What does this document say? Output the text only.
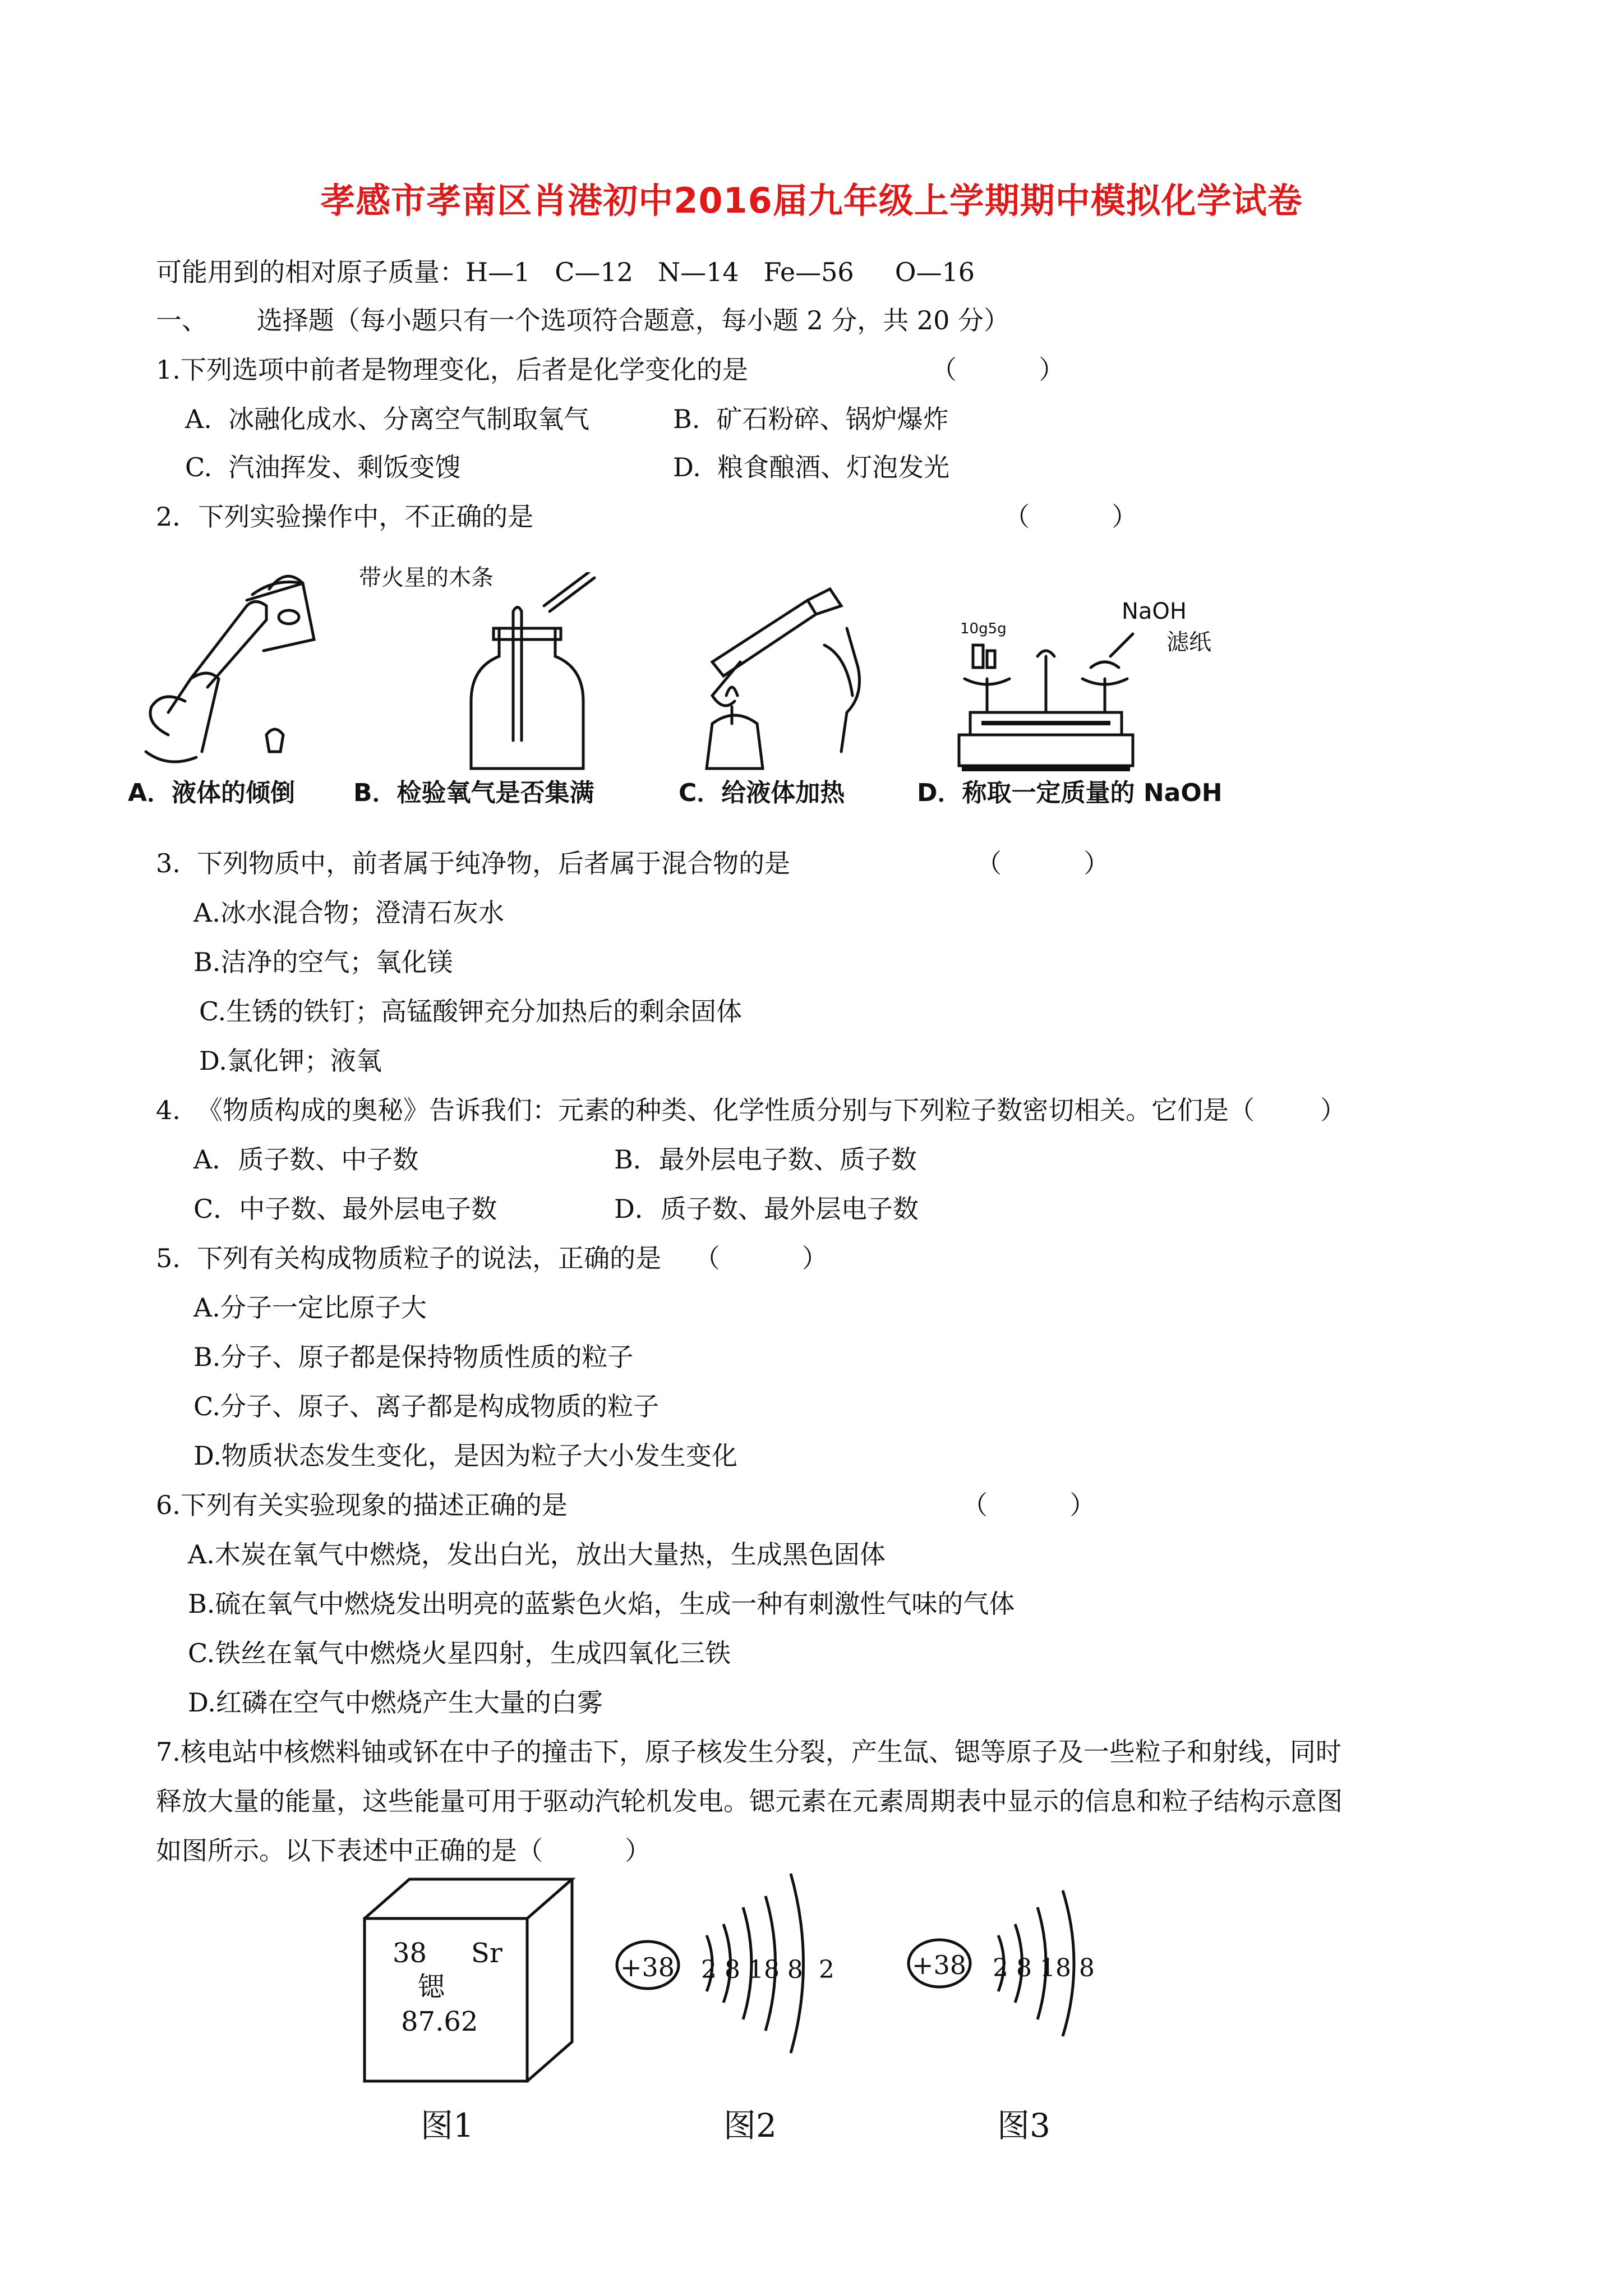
孝感市孝南区肖港初中2016届九年级上学期期中模拟化学试卷
可能用到的相对原子质量：H—1   C—12   N—14   Fe—56     O—16
一、      选择题（每小题只有一个选项符合题意，每小题 2 分，共 20 分）
1.下列选项中前者是物理变化，后者是化学变化的是	（          ）
A.  冰融化成水、分离空气制取氧气	B.  矿石粉碎、锅炉爆炸
C.  汽油挥发、剩饭变馊	D.  粮食酿酒、灯泡发光
2．下列实验操作中，不正确的是	（          ）
A．液体的倾倒
带火星的木条
B．检验氧气是否集满	C．给液体加热
10g5g
NaOH
滤纸
D．称取一定质量的 NaOH
3.  下列物质中，前者属于纯净物，后者属于混合物的是	（          ）
A.冰水混合物；澄清石灰水
B.洁净的空气；氧化镁
C.生锈的铁钉；高锰酸钾充分加热后的剩余固体
D.氯化钾；液氧
4.  《物质构成的奥秘》告诉我们：元素的种类、化学性质分别与下列粒子数密切相关。它们是（        ）
A．质子数、中子数	B．最外层电子数、质子数
C．中子数、最外层电子数	D．质子数、最外层电子数
5.  下列有关构成物质粒子的说法，正确的是    （          ）
A.分子一定比原子大
B.分子、原子都是保持物质性质的粒子
C.分子、原子、离子都是构成物质的粒子
D.物质状态发生变化，是因为粒子大小发生变化
6.下列有关实验现象的描述正确的是	（          ）
A.木炭在氧气中燃烧，发出白光，放出大量热，生成黑色固体
B.硫在氧气中燃烧发出明亮的蓝紫色火焰，生成一种有刺激性气味的气体
C.铁丝在氧气中燃烧火星四射，生成四氧化三铁
D.红磷在空气中燃烧产生大量的白雾
7.核电站中核燃料铀或钚在中子的撞击下，原子核发生分裂，产生氙、锶等原子及一些粒子和射线，同时
释放大量的能量，这些能量可用于驱动汽轮机发电。锶元素在元素周期表中显示的信息和粒子结构示意图
如图所示。以下表述中正确的是（          ）
38 Sr
锶
87.62
图1
+38 2 8 18 8  2
图2
+38 2 8 18 8
图3
